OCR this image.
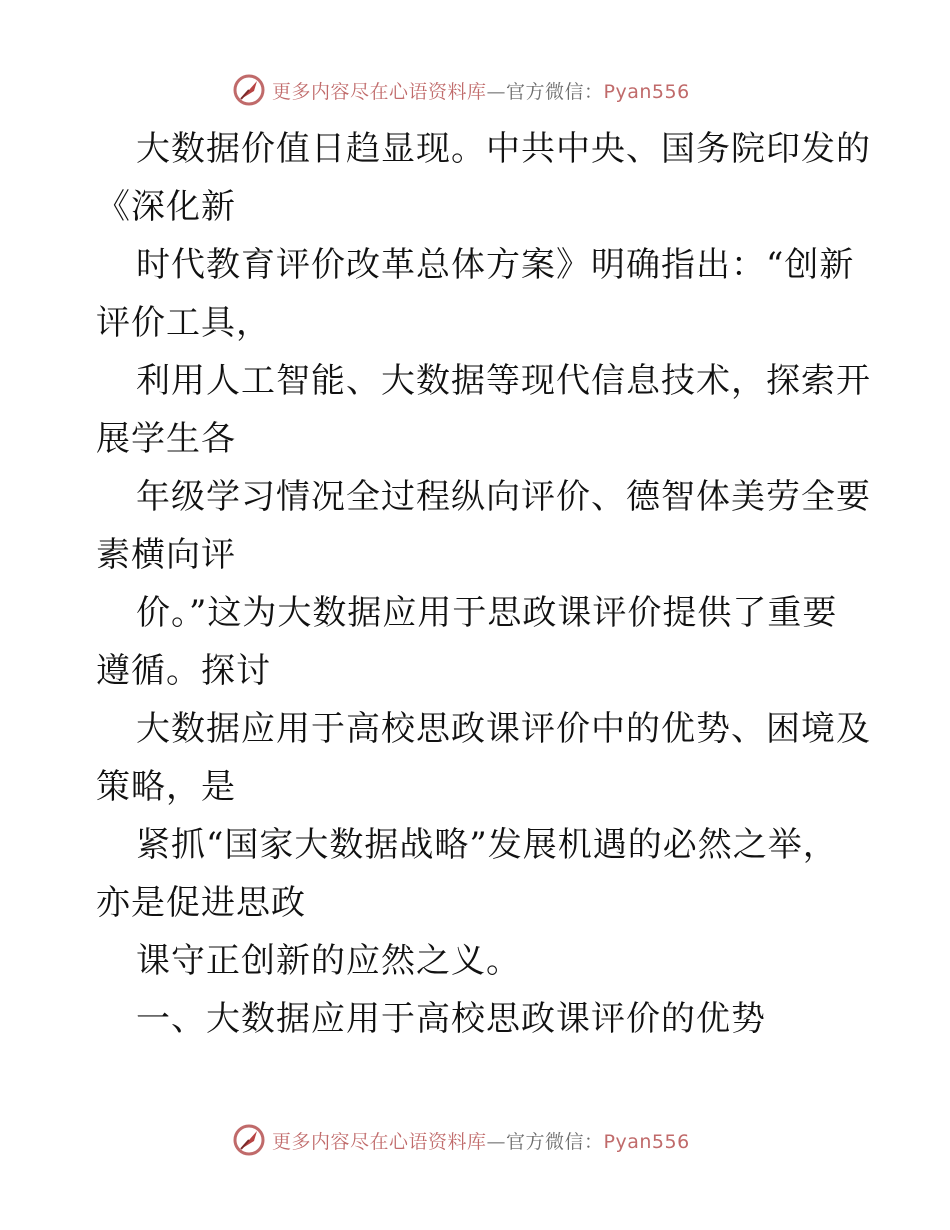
更多内容尽在心语资料库—官方微信：Pyan556
大数据价值日趋显现。中共中央、国务院印发的
《深化新
时代教育评价改革总体方案》明确指出：“创新
评价工具，
利用人工智能、大数据等现代信息技术，探索开
展学生各
年级学习情况全过程纵向评价、德智体美劳全要
素横向评
价。”这为大数据应用于思政课评价提供了重要
遵循。探讨
大数据应用于高校思政课评价中的优势、困境及
策略，是
紧抓“国家大数据战略”发展机遇的必然之举，
亦是促进思政
课守正创新的应然之义。
一、大数据应用于高校思政课评价的优势
更多内容尽在心语资料库—官方微信：Pyan556
